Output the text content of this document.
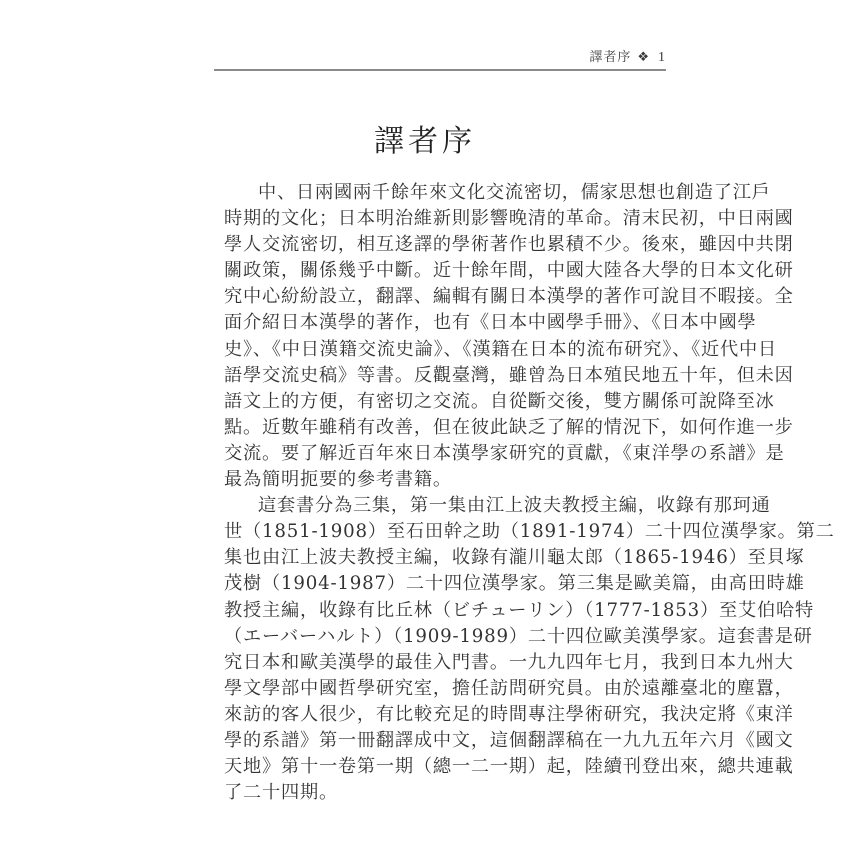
譯者序 ❖ 1
譯者序
中、日兩國兩千餘年來文化交流密切，儒家思想也創造了江戶
時期的文化；日本明治維新則影響晚清的革命。清末民初，中日兩國
學人交流密切，相互迻譯的學術著作也累積不少。後來，雖因中共閉
關政策，關係幾乎中斷。近十餘年間，中國大陸各大學的日本文化研
究中心紛紛設立，翻譯、編輯有關日本漢學的著作可說目不暇接。全
面介紹日本漢學的著作，也有《日本中國學手冊》、《日本中國學
史》、《中日漢籍交流史論》、《漢籍在日本的流布研究》、《近代中日
語學交流史稿》等書。反觀臺灣，雖曾為日本殖民地五十年，但未因
語文上的方便，有密切之交流。自從斷交後，雙方關係可說降至冰
點。近數年雖稍有改善，但在彼此缺乏了解的情況下，如何作進一步
交流。要了解近百年來日本漢學家研究的貢獻，《東洋學の系譜》是
最為簡明扼要的參考書籍。
這套書分為三集，第一集由江上波夫教授主編，收錄有那珂通
世（1851-1908）至石田幹之助（1891-1974）二十四位漢學家。第二
集也由江上波夫教授主編，收錄有瀧川龜太郎（1865-1946）至貝塚
茂樹（1904-1987）二十四位漢學家。第三集是歐美篇，由高田時雄
教授主編，收錄有比丘林（ビチューリン）（1777-1853）至艾伯哈特
（エーバーハルト）（1909-1989）二十四位歐美漢學家。這套書是研
究日本和歐美漢學的最佳入門書。一九九四年七月，我到日本九州大
學文學部中國哲學研究室，擔任訪問研究員。由於遠離臺北的塵囂，
來訪的客人很少，有比較充足的時間專注學術研究，我決定將《東洋
學的系譜》第一冊翻譯成中文，這個翻譯稿在一九九五年六月《國文
天地》第十一卷第一期（總一二一期）起，陸續刊登出來，總共連載
了二十四期。
